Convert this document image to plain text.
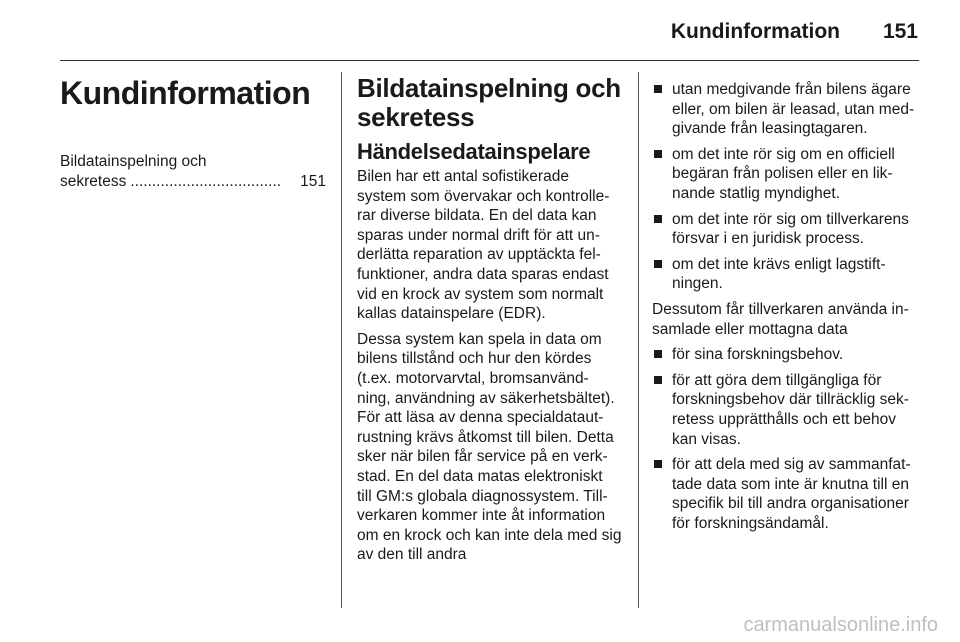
Kundinformation	151
Kundinformation
Bildatainspelning och
sekretess ...................................	151
Bildatainspelning och sekretess
Händelsedatainspelare

Bilen har ett antal sofistikerade
system som övervakar och kontrolle-
rar diverse bildata. En del data kan
sparas under normal drift för att un-
derlätta reparation av upptäckta fel-
funktioner, andra data sparas endast
vid en krock av system som normalt
kallas datainspelare (EDR).

Dessa system kan spela in data om
bilens tillstånd och hur den kördes
(t.ex. motorvarvtal, bromsanvänd-
ning, användning av säkerhetsbältet).
För att läsa av denna specialdataut-
rustning krävs åtkomst till bilen. Detta
sker när bilen får service på en verk-
stad. En del data matas elektroniskt
till GM:s globala diagnossystem. Till-
verkaren kommer inte åt information
om en krock och kan inte dela med sig
av den till andra

utan medgivande från bilens ägare
eller, om bilen är leasad, utan med-
givande från leasingtagaren.
om det inte rör sig om en officiell
begäran från polisen eller en lik-
nande statlig myndighet.
om det inte rör sig om tillverkarens
försvar i en juridisk process.
om det inte krävs enligt lagstift-
ningen.

Dessutom får tillverkaren använda in-
samlade eller mottagna data

för sina forskningsbehov.
för att göra dem tillgängliga för
forskningsbehov där tillräcklig sek-
retess upprätthålls och ett behov
kan visas.
för att dela med sig av sammanfat-
tade data som inte är knutna till en
specifik bil till andra organisationer
för forskningsändamål.
carmanualsonline.info
